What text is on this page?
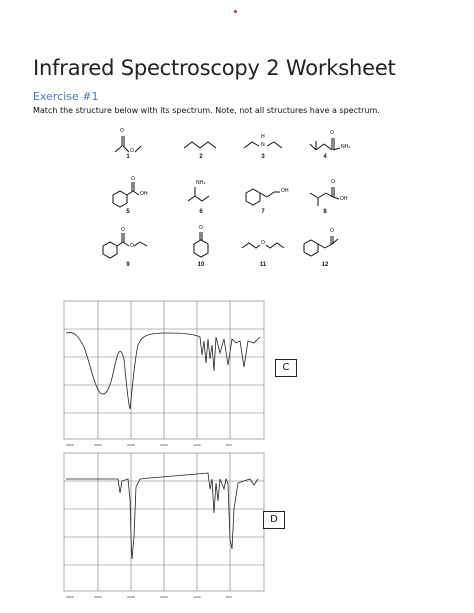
Infrared Spectroscopy 2 Worksheet
Exercise #1
Match the structure below with its spectrum. Note, not all structures have a spectrum.
O
O
1	2
H
N
3
O
NH₂
4
O
OH
5
NH₂
6
OH
7
O
OH
8
O
O
9
O
10
O
11
O
12
4000	3000	2000	1600	1200	800
C
4000	3000	2000	1600	1200	800
D
